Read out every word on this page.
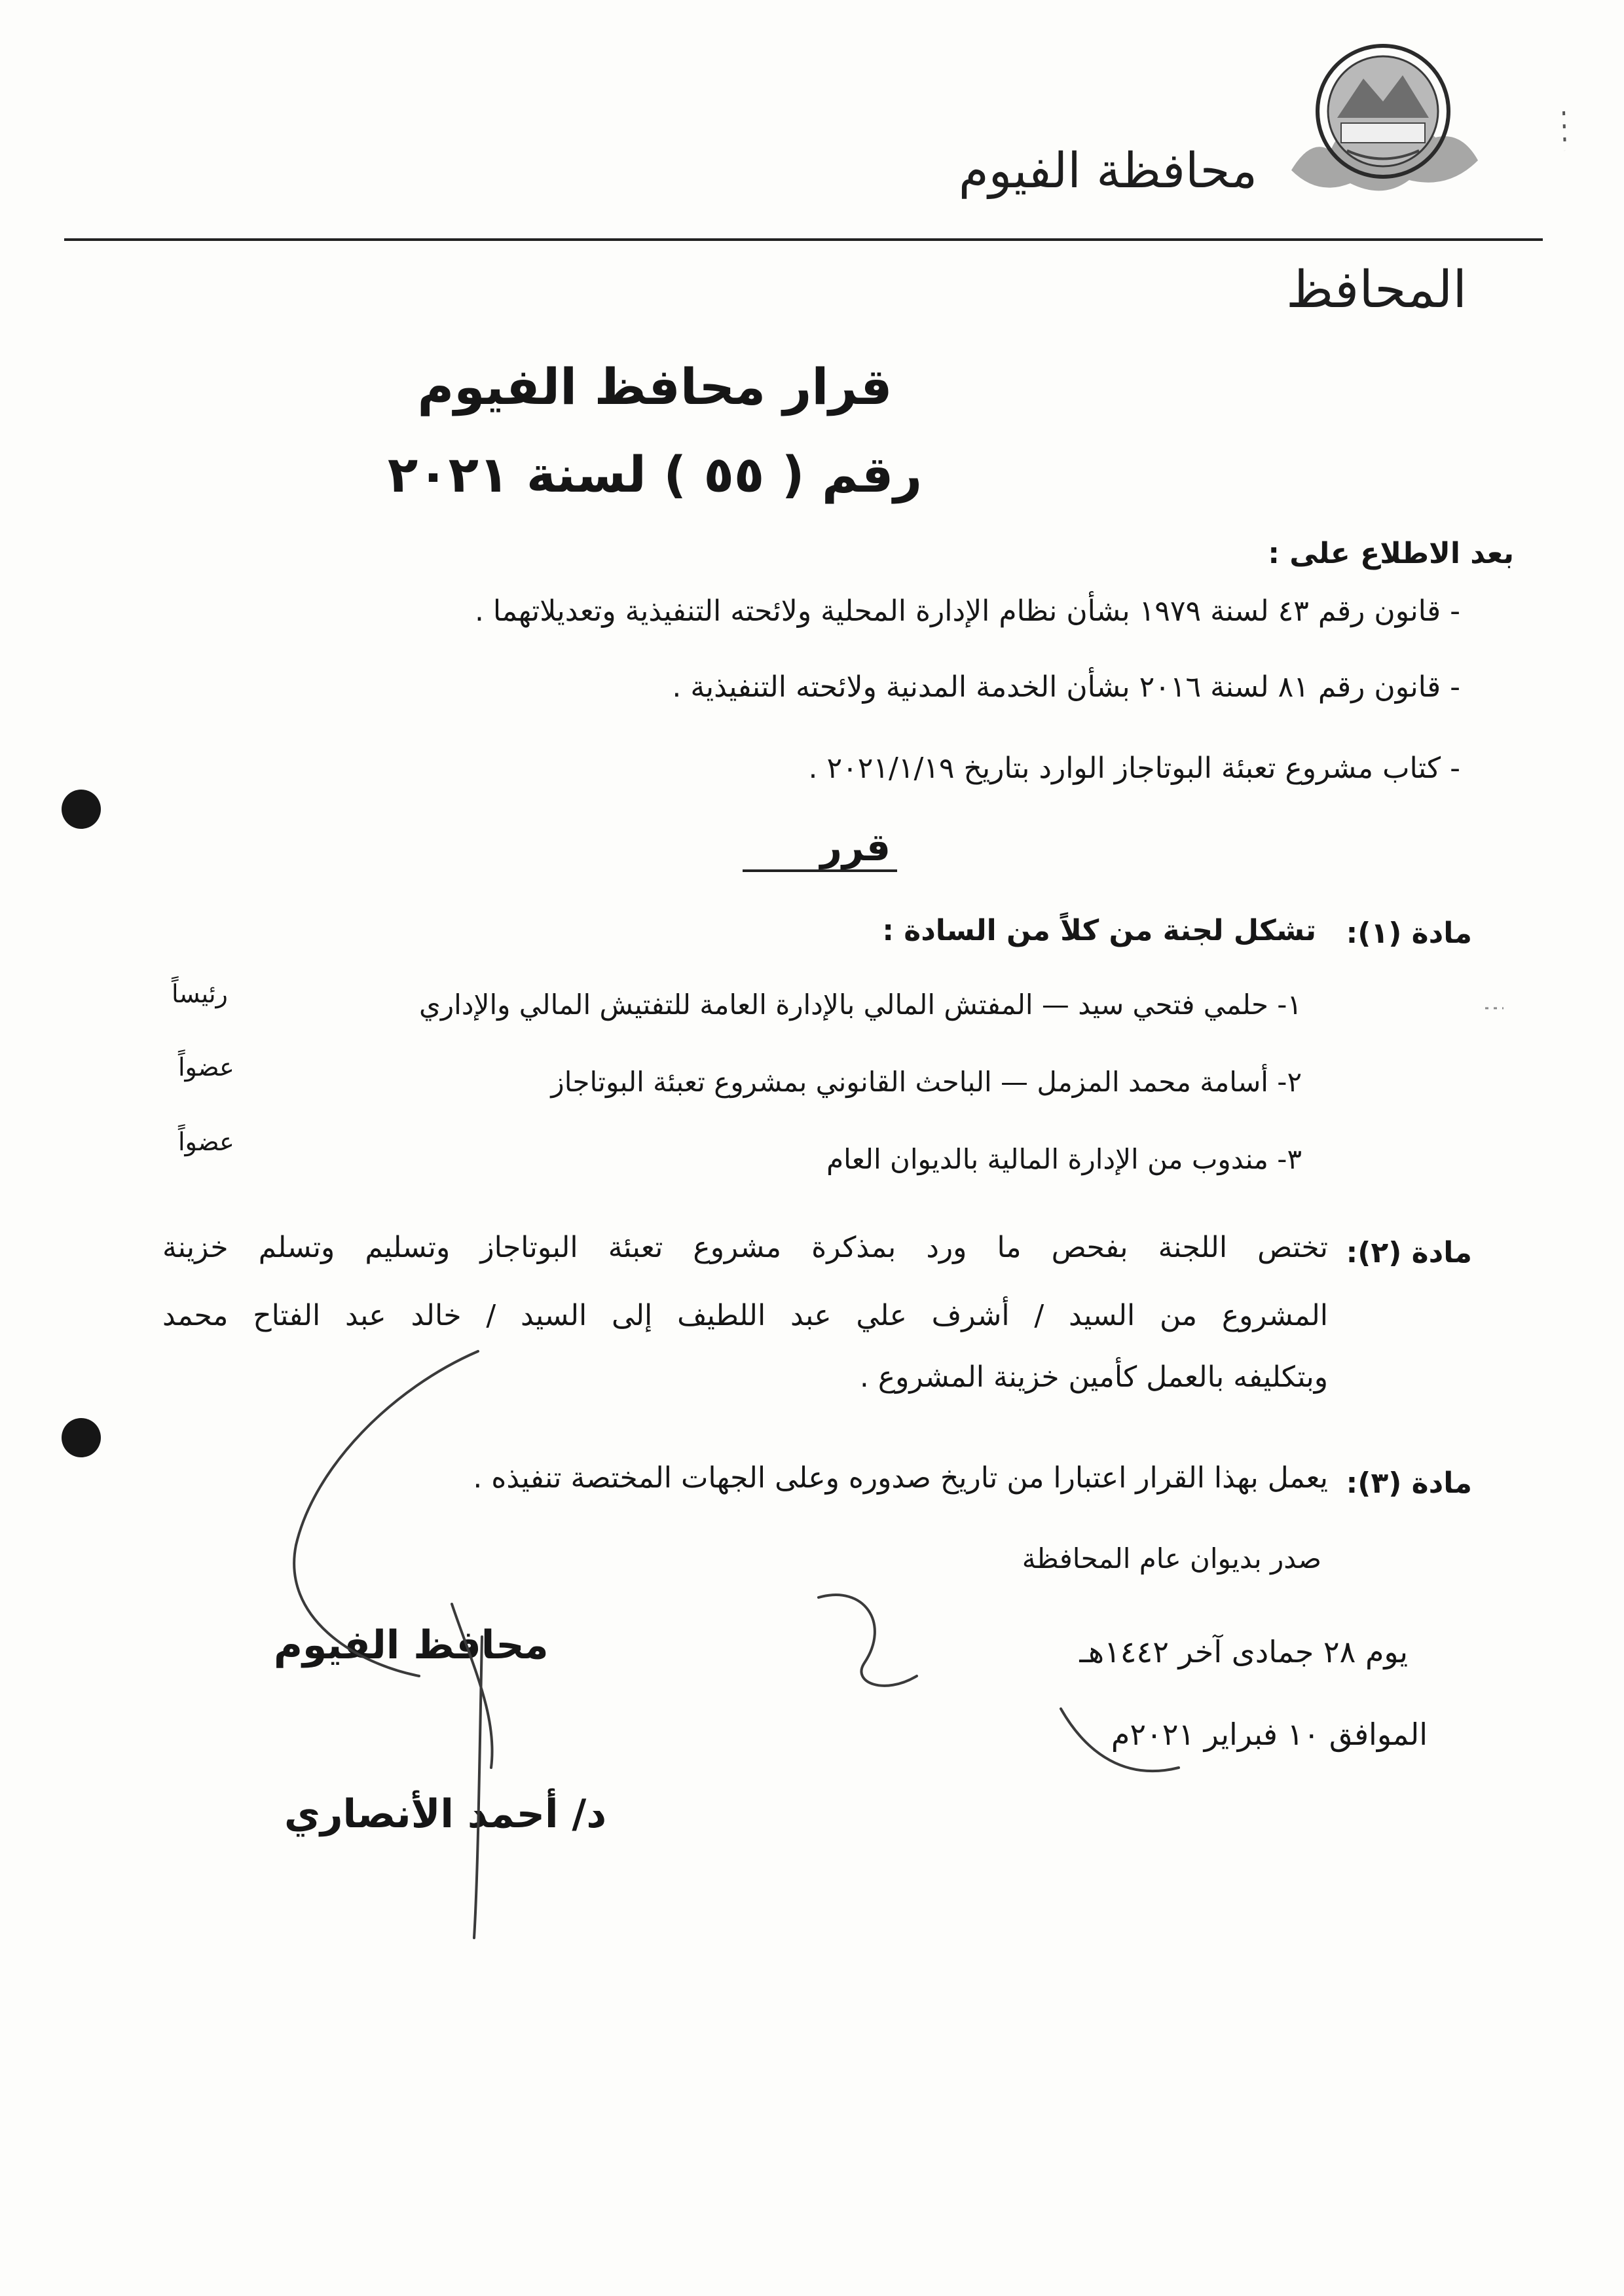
محافظة الفيوم
المحافظ
قرار محافظ الفيوم
رقم ( ٥٥ ) لسنة ٢٠٢١
بعد الاطلاع على :
- قانون رقم ٤٣ لسنة ١٩٧٩ بشأن نظام الإدارة المحلية ولائحته التنفيذية وتعديلاتهما .
- قانون رقم ٨١ لسنة ٢٠١٦ بشأن الخدمة المدنية ولائحته التنفيذية .
- كتاب مشروع تعبئة البوتاجاز الوارد بتاريخ ٢٠٢١/١/١٩ .
قرر
مادة (١):
تشكل لجنة من كلاً من السادة :
١- حلمي فتحي سيد — المفتش المالي بالإدارة العامة للتفتيش المالي والإداري
رئيساً
٢- أسامة محمد المزمل — الباحث القانوني بمشروع تعبئة البوتاجاز
عضواً
٣- مندوب من الإدارة المالية بالديوان العام
عضواً
مادة (٢):
تختص اللجنة بفحص ما ورد بمذكرة مشروع تعبئة البوتاجاز وتسليم وتسلم خزينة
المشروع من السيد / أشرف علي عبد اللطيف إلى السيد / خالد عبد الفتاح محمد
وبتكليفه بالعمل كأمين خزينة المشروع .
مادة (٣):
يعمل بهذا القرار اعتبارا من تاريخ صدوره وعلى الجهات المختصة تنفيذه .
صدر بديوان عام المحافظة
يوم ٢٨ جمادى آخر ١٤٤٢هـ
الموافق ١٠ فبراير ٢٠٢١م
محافظ الفيوم
د/ أحمد الأنصاري
